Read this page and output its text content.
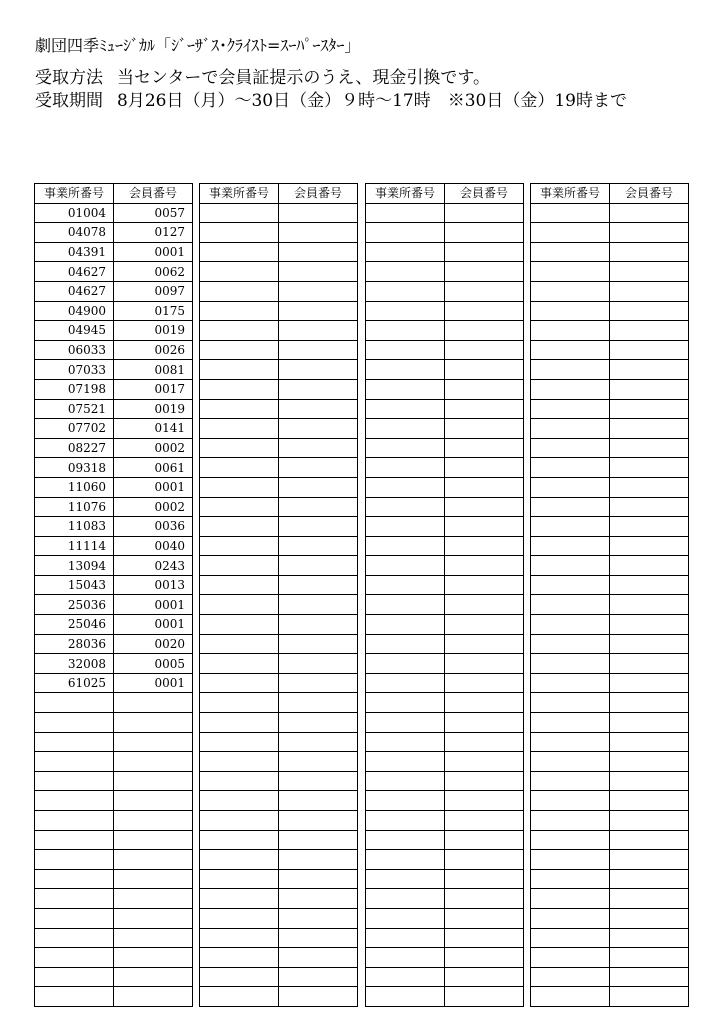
劇団四季ﾐｭｰｼﾞｶﾙ「ｼﾞｰｻﾞｽ･ｸﾗｲｽﾄ=ｽｰﾊﾟｰｽﾀｰ」
受取方法 当センターで会員証提示のうえ、現金引換です。
受取期間 8月26日（月）～30日（金）９時～17時　※30日（金）19時まで
事業所番号	会員番号
01004	0057
04078	0127
04391	0001
04627	0062
04627	0097
04900	0175
04945	0019
06033	0026
07033	0081
07198	0017
07521	0019
07702	0141
08227	0002
09318	0061
11060	0001
11076	0002
11083	0036
11114	0040
13094	0243
15043	0013
25036	0001
25046	0001
28036	0020
32008	0005
61025	0001

事業所番号	会員番号

		事業所番号	会員番号

		事業所番号	会員番号
